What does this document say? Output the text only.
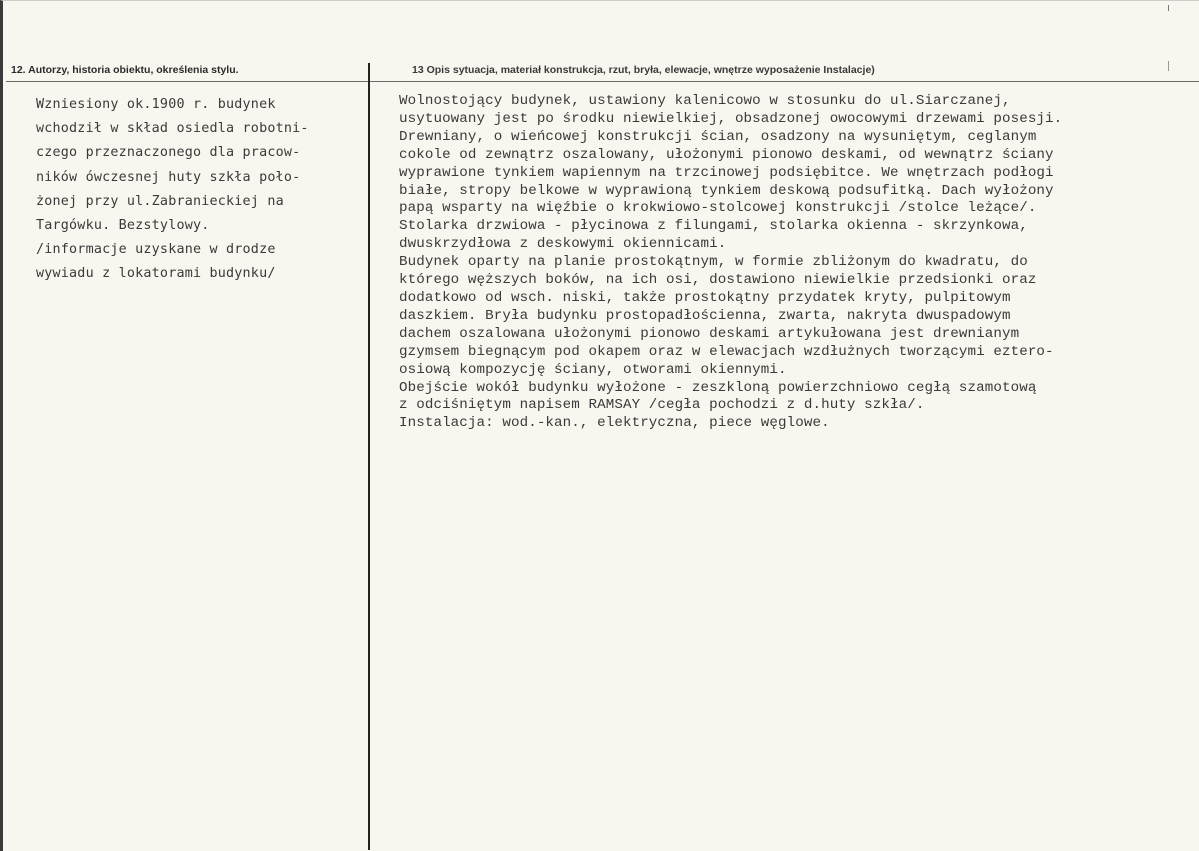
12. Autorzy, historia obiektu, określenia stylu.	13 Opis sytuacja, materiał konstrukcja, rzut, bryła, elewacje, wnętrze wyposażenie Instalacje)
Wzniesiony ok.1900 r. budynek
wchodził w skład osiedla robotni-
czego przeznaczonego dla pracow-
ników ówczesnej huty szkła poło-
żonej przy ul.Zabranieckiej na
Targówku. Bezstylowy.
/informacje uzyskane w drodze
wywiadu z lokatorami budynku/
Wolnostojący budynek, ustawiony kalenicowo w stosunku do ul.Siarczanej,
usytuowany jest po środku niewielkiej, obsadzonej owocowymi drzewami posesji.
Drewniany, o wieńcowej konstrukcji ścian, osadzony na wysuniętym, ceglanym
cokole od zewnątrz oszalowany, ułożonymi pionowo deskami, od wewnątrz ściany
wyprawione tynkiem wapiennym na trzcinowej podsiębitce. We wnętrzach podłogi
białe, stropy belkowe w wyprawioną tynkiem deskową podsufitką. Dach wyłożony
papą wsparty na więźbie o krokwiowo-stolcowej konstrukcji /stolce leżące/.
Stolarka drzwiowa - płycinowa z filungami, stolarka okienna - skrzynkowa,
dwuskrzydłowa z deskowymi okiennicami.
Budynek oparty na planie prostokątnym, w formie zbliżonym do kwadratu, do
którego węższych boków, na ich osi, dostawiono niewielkie przedsionki oraz
dodatkowo od wsch. niski, także prostokątny przydatek kryty, pulpitowym
daszkiem. Bryła budynku prostopadłościenna, zwarta, nakryta dwuspadowym
dachem oszalowana ułożonymi pionowo deskami artykułowana jest drewnianym
gzymsem biegnącym pod okapem oraz w elewacjach wzdłużnych tworzącymi eztero-
osiową kompozycję ściany, otworami okiennymi.
Obejście wokół budynku wyłożone - zeszkloną powierzchniowo cegłą szamotową
z odciśniętym napisem RAMSAY /cegła pochodzi z d.huty szkła/.
Instalacja: wod.-kan., elektryczna, piece węglowe.
